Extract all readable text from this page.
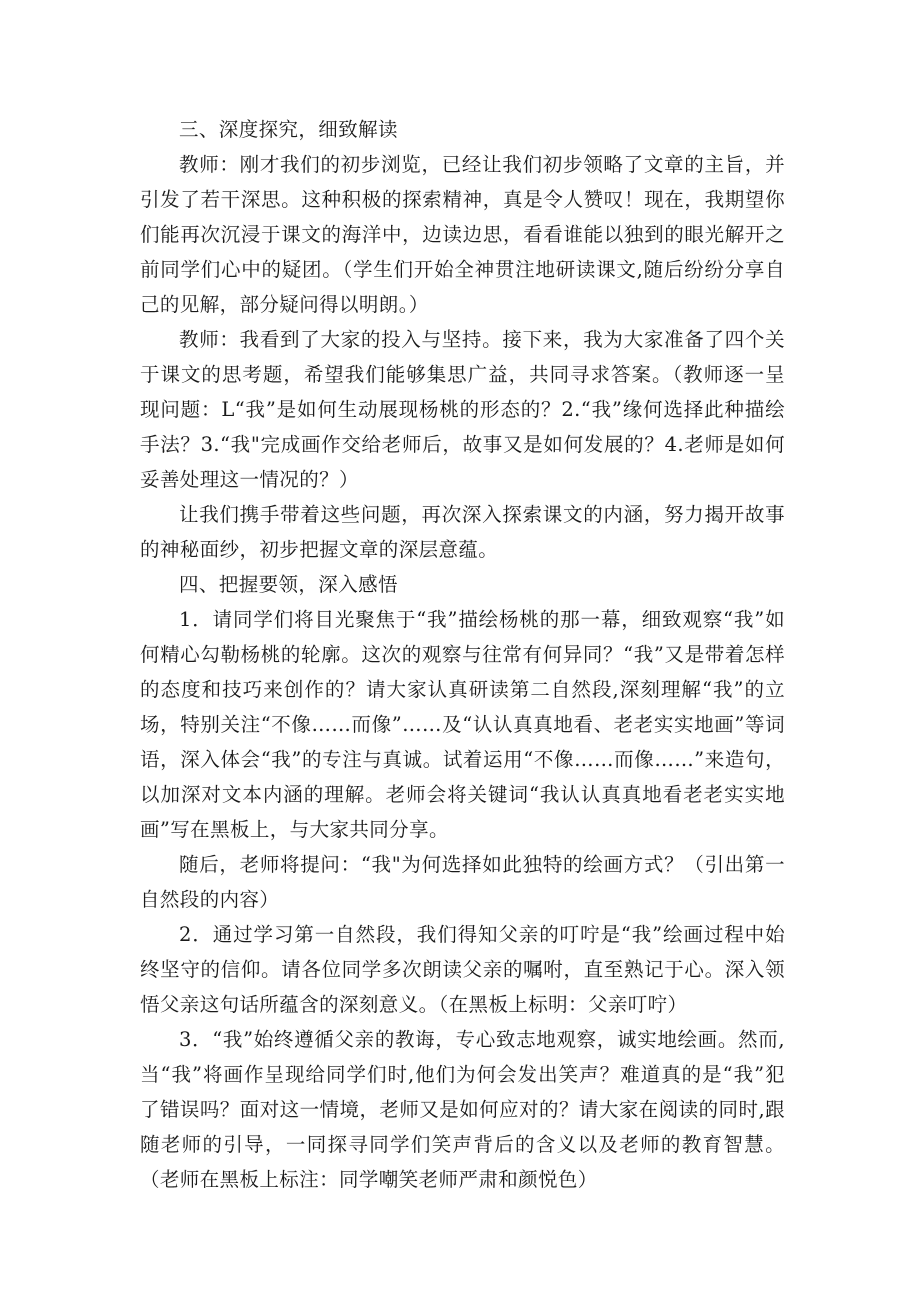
三、深度探究，细致解读

教师：刚才我们的初步浏览，已经让我们初步领略了文章的主旨，并引发了若干深思。这种积极的探索精神，真是令人赞叹！现在，我期望你们能再次沉浸于课文的海洋中，边读边思，看看谁能以独到的眼光解开之前同学们心中的疑团。（学生们开始全神贯注地研读课文,随后纷纷分享自己的见解，部分疑问得以明朗。）

教师：我看到了大家的投入与坚持。接下来，我为大家准备了四个关于课文的思考题，希望我们能够集思广益，共同寻求答案。（教师逐一呈现问题：L“我”是如何生动展现杨桃的形态的？2.“我”缘何选择此种描绘手法？3.“我"完成画作交给老师后，故事又是如何发展的？4.老师是如何妥善处理这一情况的？）

让我们携手带着这些问题，再次深入探索课文的内涵，努力揭开故事的神秘面纱，初步把握文章的深层意蕴。

四、把握要领，深入感悟

1．请同学们将目光聚焦于“我”描绘杨桃的那一幕，细致观察“我”如何精心勾勒杨桃的轮廓。这次的观察与往常有何异同？“我”又是带着怎样的态度和技巧来创作的？请大家认真研读第二自然段,深刻理解“我”的立场，特别关注“不像……而像”……及“认认真真地看、老老实实地画”等词语，深入体会“我”的专注与真诚。试着运用“不像……而像……”来造句，以加深对文本内涵的理解。老师会将关键词“我认认真真地看老老实实地画”写在黑板上，与大家共同分享。

随后，老师将提问：“我"为何选择如此独特的绘画方式？（引出第一自然段的内容）

2．通过学习第一自然段，我们得知父亲的叮咛是“我”绘画过程中始终坚守的信仰。请各位同学多次朗读父亲的嘱咐，直至熟记于心。深入领悟父亲这句话所蕴含的深刻意义。（在黑板上标明：父亲叮咛）

3．“我”始终遵循父亲的教诲，专心致志地观察，诚实地绘画。然而,当“我”将画作呈现给同学们时,他们为何会发出笑声？难道真的是“我”犯了错误吗？面对这一情境，老师又是如何应对的？请大家在阅读的同时,跟随老师的引导，一同探寻同学们笑声背后的含义以及老师的教育智慧。（老师在黑板上标注：同学嘲笑老师严肃和颜悦色）
